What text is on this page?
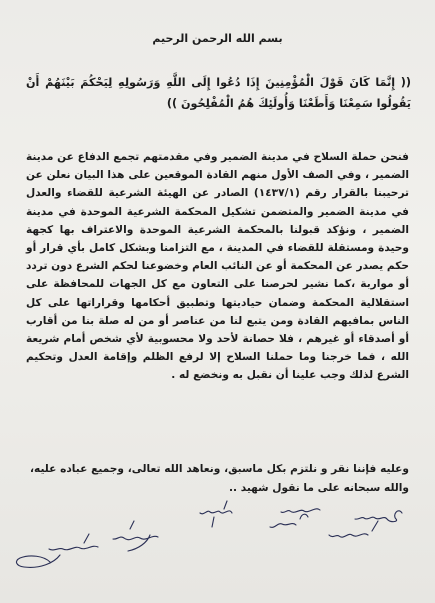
بسم الله الرحمن الرحيم
(( إِنَّمَا كَانَ قَوْلَ الْمُؤْمِنِينَ إِذَا دُعُوا إِلَى اللَّهِ وَرَسُولِهِ لِيَحْكُمَ بَيْنَهُمْ أَنْ يَقُولُوا سَمِعْنَا وَأَطَعْنَا وَأُولَئِكَ هُمُ الْمُفْلِحُونَ ))
فنحن حملة السلاح في مدينة الضمير وفي مقدمتهم تجمع الدفاع عن مدينة الضمير ، وفي الصف الأول منهم القادة الموقعين على هذا البيان نعلن عن ترحيبنا بالقرار رقم (١٤٣٧/١) الصادر عن الهيئة الشرعية للقضاء والعدل في مدينة الضمير والمتضمن تشكيل المحكمة الشرعية الموحدة في مدينة الضمير ، ونؤكد قبولنا بالمحكمة الشرعية الموحدة والاعتراف بها كجهة وحيدة ومستقلة للقضاء في المدينة ، مع التزامنا وبشكل كامل بأي قرار أو حكم يصدر عن المحكمة أو عن النائب العام وخضوعنا لحكم الشرع دون تردد أو مواربة ،كما نشير لحرصنا على التعاون مع كل الجهات للمحافظة على استقلالية المحكمة وضمان حياديتها وتطبيق أحكامها وقراراتها على كل الناس بمافيهم القادة ومن يتبع لنا من عناصر أو من له صلة بنا من أقارب أو أصدقاء أو غيرهم ، فلا حصانة لأحد ولا محسوبية لأي شخص أمام شريعة الله ، فما خرجنا وما حملنا السلاح إلا لرفع الظلم وإقامة العدل وتحكيم الشرع لذلك وجب علينا أن نقبل به ونخضع له .
وعليه فإننا نقر و نلتزم بكل ماسبق، ونعاهد الله تعالى، وجميع عباده عليه، والله سبحانه على ما نقول شهيد ..
